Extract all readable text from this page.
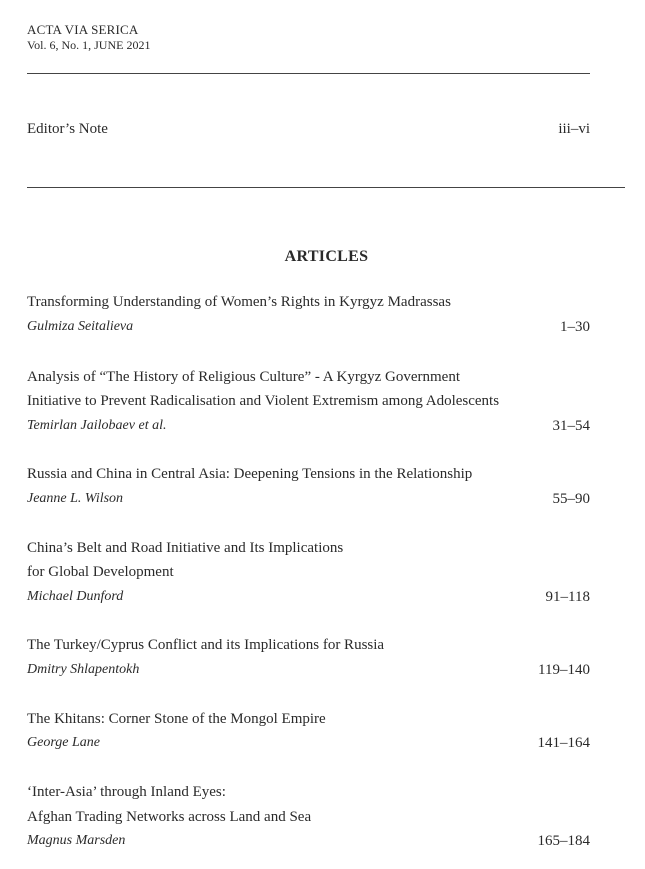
ACTA VIA SERICA
Vol. 6, No. 1, JUNE 2021
Editor’s Note	iii–vi
ARTICLES
Transforming Understanding of Women’s Rights in Kyrgyz Madrassas
Gulmiza Seitalieva	1–30
Analysis of “The History of Religious Culture” - A Kyrgyz Government
Initiative to Prevent Radicalisation and Violent Extremism among Adolescents
Temirlan Jailobaev et al.	31–54
Russia and China in Central Asia: Deepening Tensions in the Relationship
Jeanne L. Wilson	55–90
China’s Belt and Road Initiative and Its Implications
for Global Development
Michael Dunford	91–118
The Turkey/Cyprus Conflict and its Implications for Russia
Dmitry Shlapentokh	119–140
The Khitans: Corner Stone of the Mongol Empire
George Lane	141–164
‘Inter-Asia’ through Inland Eyes:
Afghan Trading Networks across Land and Sea
Magnus Marsden	165–184
